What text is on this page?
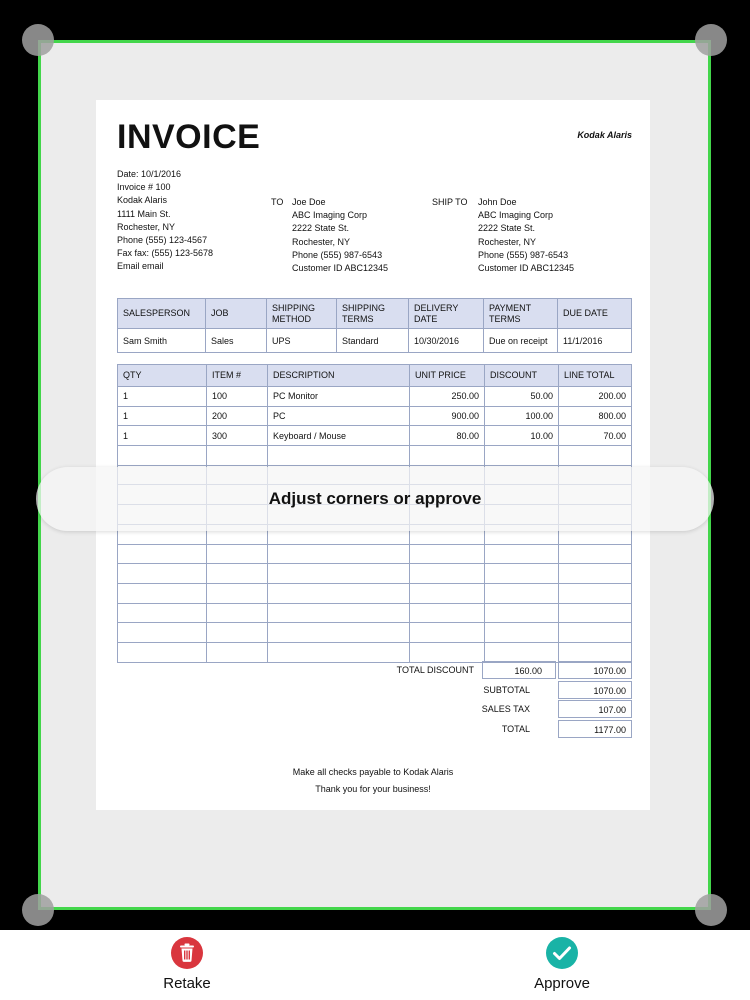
INVOICE	Kodak Alaris
Date: 10/1/2016
Invoice # 100
Kodak Alaris
1111 Main St.
Rochester, NY
Phone (555) 123-4567
Fax fax: (555) 123-5678
Email email
TO Joe Doe
ABC Imaging Corp
2222 State St.
Rochester, NY
Phone (555) 987-6543
Customer ID ABC12345
SHIP TO John Doe
ABC Imaging Corp
2222 State St.
Rochester, NY
Phone (555) 987-6543
Customer ID ABC12345
SALESPERSON	JOB	SHIPPING METHOD	SHIPPING TERMS	DELIVERY DATE	PAYMENT TERMS	DUE DATE
Sam Smith	Sales	UPS	Standard	10/30/2016	Due on receipt	11/1/2016
QTY	ITEM #	DESCRIPTION	UNIT PRICE	DISCOUNT	LINE TOTAL
1	100	PC Monitor	250.00	50.00	200.00
1	200	PC	900.00	100.00	800.00
1	300	Keyboard / Mouse	80.00	10.00	70.00

TOTAL DISCOUNT	160.00	1070.00
SUBTOTAL	1070.00
SALES TAX	107.00
TOTAL	1177.00
Make all checks payable to Kodak Alaris
Thank you for your business!
Adjust corners or approve
Retake	Approve
